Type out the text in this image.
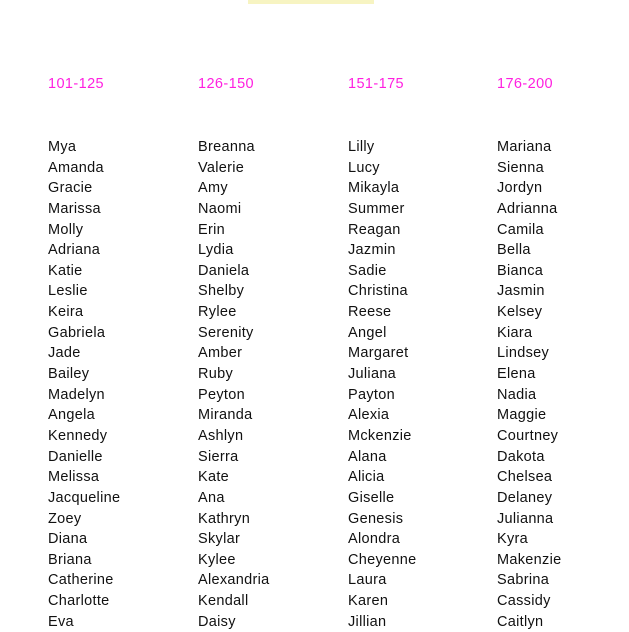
101-125
Mya
Amanda
Gracie
Marissa
Molly
Adriana
Katie
Leslie
Keira
Gabriela
Jade
Bailey
Madelyn
Angela
Kennedy
Danielle
Melissa
Jacqueline
Zoey
Diana
Briana
Catherine
Charlotte
Eva
126-150
Breanna
Valerie
Amy
Naomi
Erin
Lydia
Daniela
Shelby
Rylee
Serenity
Amber
Ruby
Peyton
Miranda
Ashlyn
Sierra
Kate
Ana
Kathryn
Skylar
Kylee
Alexandria
Kendall
Daisy
151-175
Lilly
Lucy
Mikayla
Summer
Reagan
Jazmin
Sadie
Christina
Reese
Angel
Margaret
Juliana
Payton
Alexia
Mckenzie
Alana
Alicia
Giselle
Genesis
Alondra
Cheyenne
Laura
Karen
Jillian
176-200
Mariana
Sienna
Jordyn
Adrianna
Camila
Bella
Bianca
Jasmin
Kelsey
Kiara
Lindsey
Elena
Nadia
Maggie
Courtney
Dakota
Chelsea
Delaney
Julianna
Kyra
Makenzie
Sabrina
Cassidy
Caitlyn
